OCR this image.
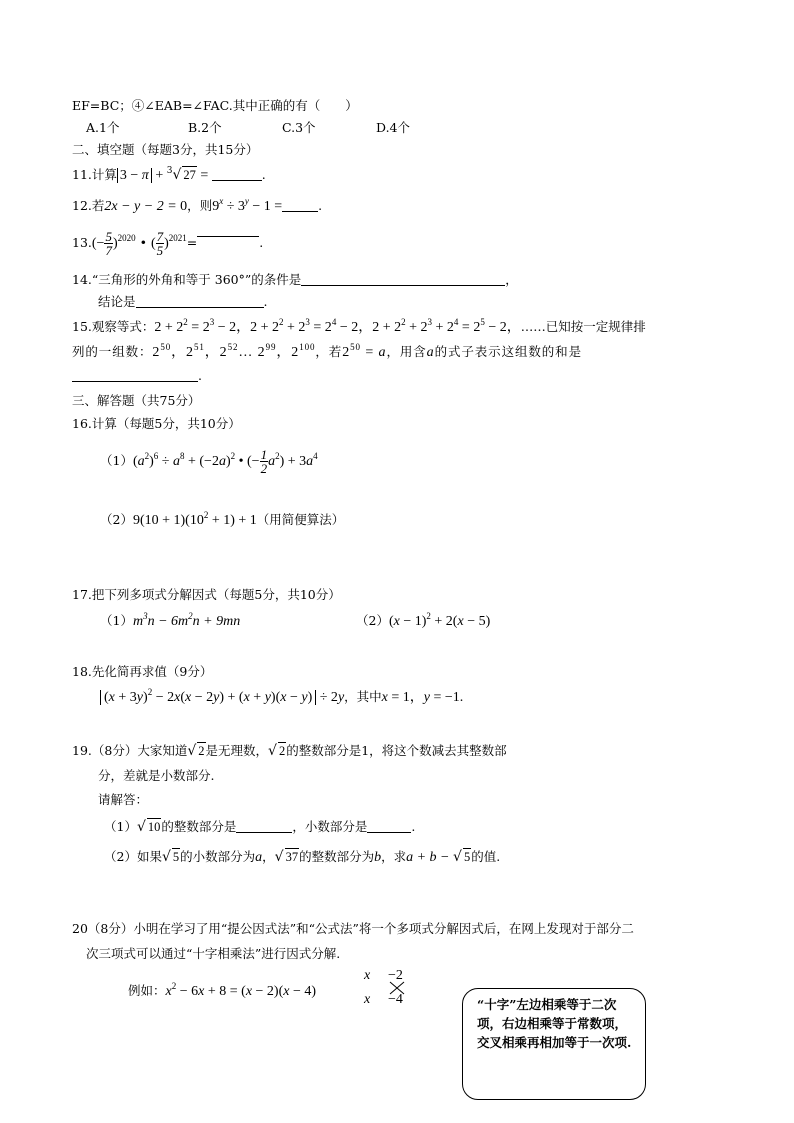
EF=BC；④∠EAB=∠FAC.其中正确的有（　　）
A.1个	B.2个	C.3个	D.4个
二、填空题（每题3分，共15分）
11.计算 3 − π + $^3$√ 27 =	.
12.若2x − y − 2 = 0，则$9^x \div 3^y - 1$ =	.
$13.(- \frac{5}{7} )^{2020}$ • ( $\frac{7}{5} )^{2021}=$	.
14.“三角形的外角和等于 360°”的条件是	，
结论是	.
15.观察等式：$2 + 2^2 = 2^3 - 2$，$2 + 2^2 + 2^3 = 2^4 - 2$，$2 + 2^2 + 2^3 + 2^4 = 2^5 - 2$，……已知按一定规律排
列的一组数：$2^{50}$，$2^{51}$，$2^{52}\dots$ $2^{99}$，$2^{100}$，若$2^{50} = a$，用含a的式子表示这组数的和是
.
三、解答题（共75分）
16.计算（每题5分，共10分）
$(1)(a^2)^6 \div a^8 + (-2a)^2$ • (− $\frac{1}{2} a^2) + 3a^4$
$(2)9(10 + 1)(10^2 + 1) + 1$（用简便算法）
17.把下列多项式分解因式（每题5分，共10分）
$(1)m^3n - 6m^2n + 9mn$	$(2)(x - 1)^2 + 2(x - 5)$
18.先化简再求值（9分）
$(x + 3y)^2 - 2x(x - 2y) + (x + y)(x - y) \div 2y$，其中x = 1，y = −1.
19.（8分）大家知道√ 2是无理数，√ 2的整数部分是1，将这个数减去其整数部
分，差就是小数部分.
请解答：
（1）√ 10的整数部分是	，小数部分是	.
（2）如果√ 5的小数部分为a，√ 37的整数部分为b，求a + b − √ 5的值.
20（8分）小明在学习了用“提公因式法”和“公式法”将一个多项式分解因式后，在网上发现对于部分二
次三项式可以通过“十字相乘法”进行因式分解.
例如：$x^2 - 6x + 8 = (x - 2)(x - 4)$
x −2
x −4	“十字”左边相乘等于二次项，右边相乘等于常数项，交叉相乘再相加等于一次项.
